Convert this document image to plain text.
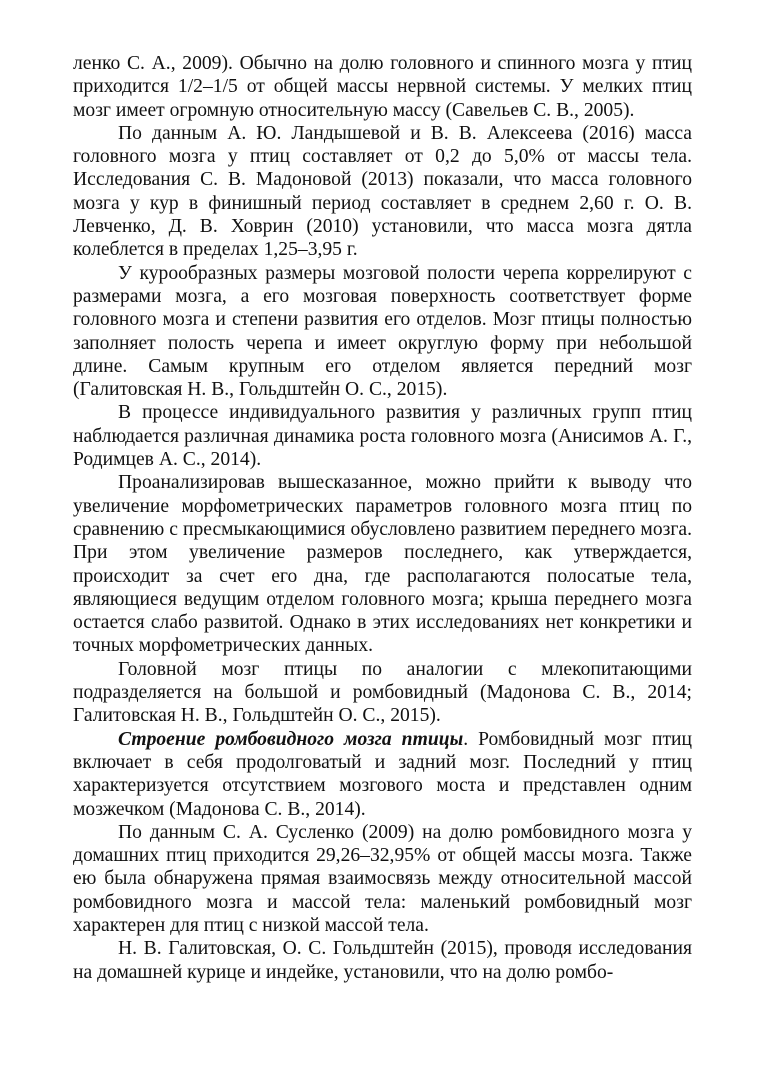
ленко С. А., 2009). Обычно на долю головного и спинного мозга у птиц приходится 1/2–1/5 от общей массы нервной системы. У мелких птиц мозг имеет огромную относительную массу (Савельев С. В., 2005).

По данным А. Ю. Ландышевой и В. В. Алексеева (2016) масса головного мозга у птиц составляет от 0,2 до 5,0% от массы тела. Исследования С. В. Мадоновой (2013) показали, что масса головного мозга у кур в финишный период составляет в среднем 2,60 г. О. В. Левченко, Д. В. Ховрин (2010) установили, что масса мозга дятла колеблется в пределах 1,25–3,95 г.

У курообразных размеры мозговой полости черепа коррелируют с размерами мозга, а его мозговая поверхность соответствует форме головного мозга и степени развития его отделов. Мозг птицы полностью заполняет полость черепа и имеет округлую форму при небольшой длине. Самым крупным его отделом является передний мозг (Галитовская Н. В., Гольдштейн О. С., 2015).

В процессе индивидуального развития у различных групп птиц наблюдается различная динамика роста головного мозга (Анисимов А. Г., Родимцев А. С., 2014).

Проанализировав вышесказанное, можно прийти к выводу что увеличение морфометрических параметров головного мозга птиц по сравнению с пресмыкающимися обусловлено развитием переднего мозга. При этом увеличение размеров последнего, как утверждается, происходит за счет его дна, где располагаются полосатые тела, являющиеся ведущим отделом головного мозга; крыша переднего мозга остается слабо развитой. Однако в этих исследованиях нет конкретики и точных морфометрических данных.

Головной мозг птицы по аналогии с млекопитающими подразделяется на большой и ромбовидный (Мадонова С. В., 2014; Галитовская Н. В., Гольдштейн О. С., 2015).

Строение ромбовидного мозга птицы. Ромбовидный мозг птиц включает в себя продолговатый и задний мозг. Последний у птиц характеризуется отсутствием мозгового моста и представлен одним мозжечком (Мадонова С. В., 2014).

По данным С. А. Сусленко (2009) на долю ромбовидного мозга у домашних птиц приходится 29,26–32,95% от общей массы мозга. Также ею была обнаружена прямая взаимосвязь между относительной массой ромбовидного мозга и массой тела: маленький ромбовидный мозг характерен для птиц с низкой массой тела.

Н. В. Галитовская, О. С. Гольдштейн (2015), проводя исследования на домашней курице и индейке, установили, что на долю ромбо-
